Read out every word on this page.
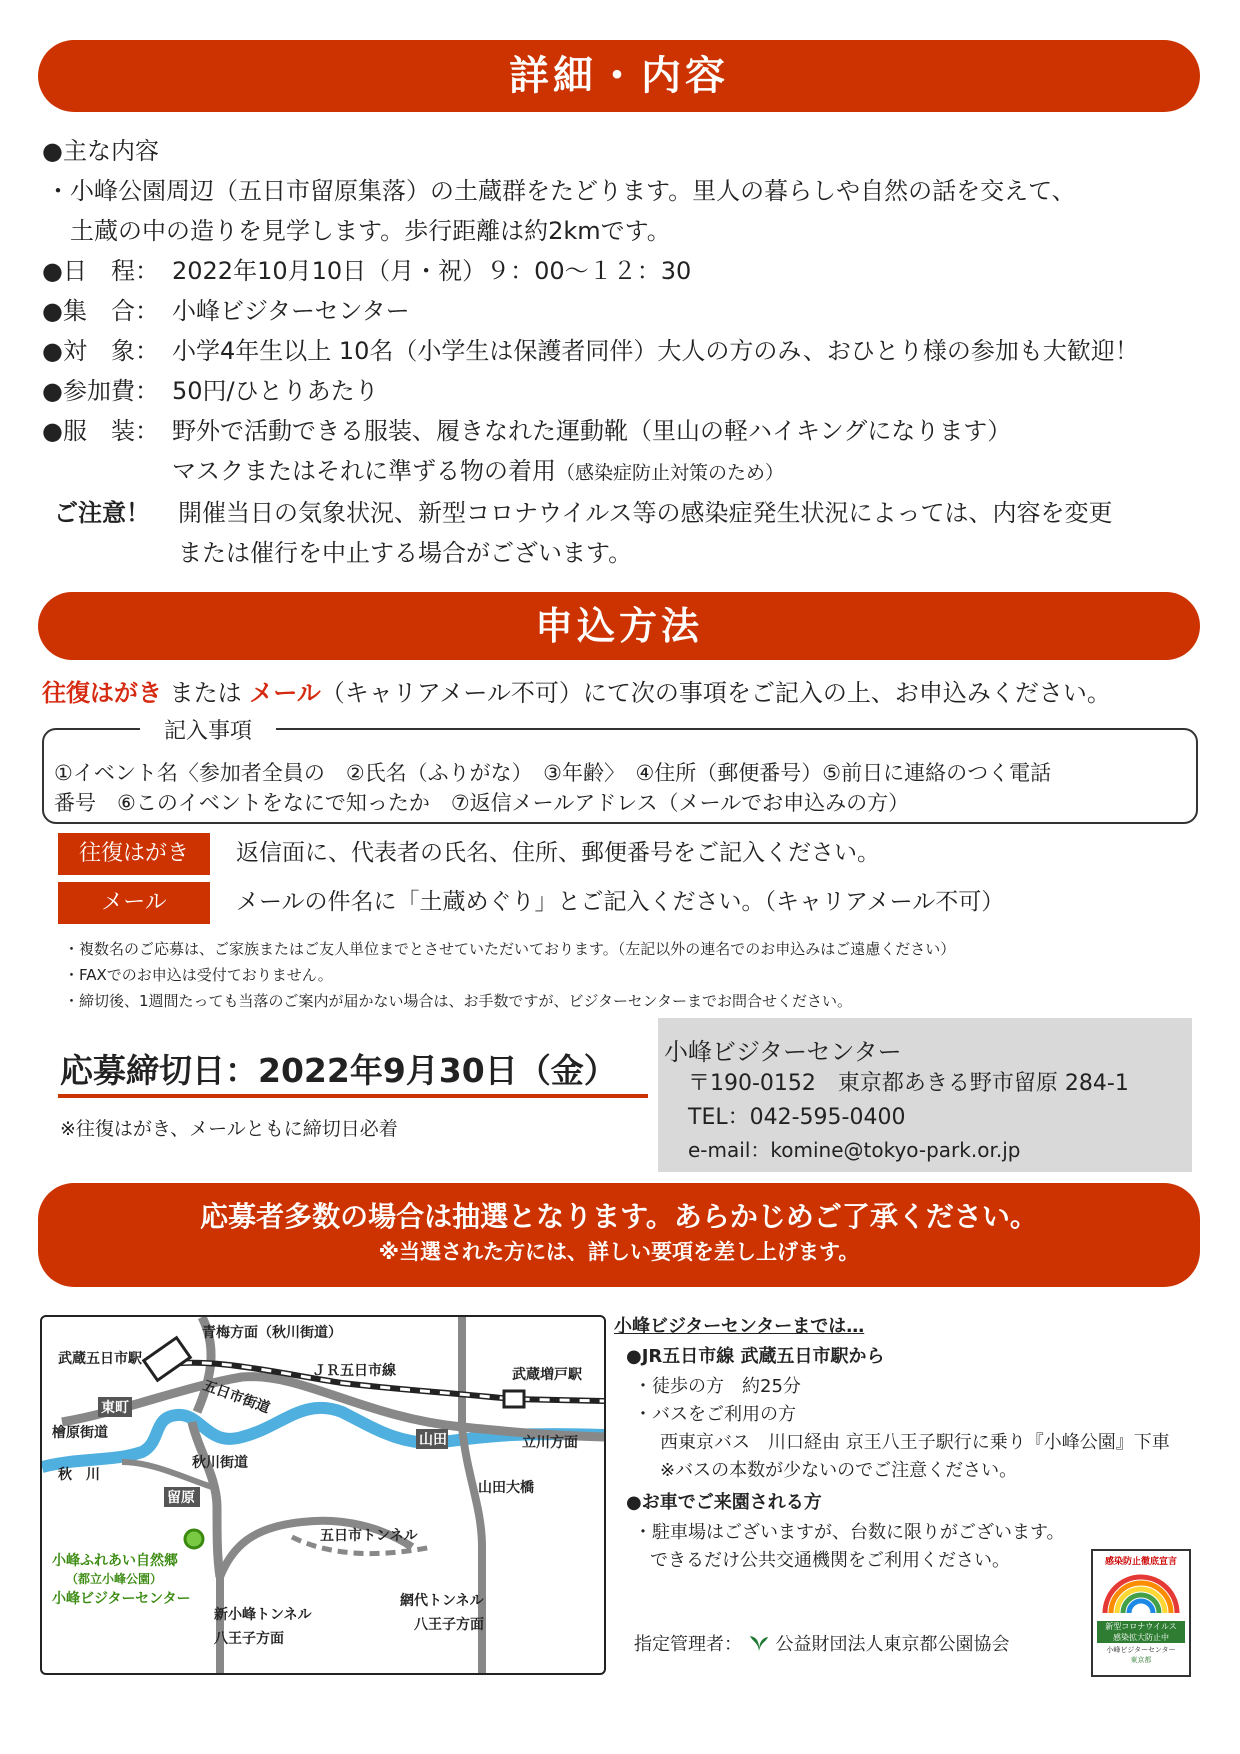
詳細・内容
●主な内容
・小峰公園周辺（五日市留原集落）の土蔵群をたどります。里人の暮らしや自然の話を交えて、
土蔵の中の造りを見学します。歩行距離は約2kmです。
●日　程： 2022年10月10日（月・祝）９：00～１２：30
●集　合： 小峰ビジターセンター
●対　象： 小学4年生以上 10名（小学生は保護者同伴）大人の方のみ、おひとり様の参加も大歓迎！
●参加費： 50円/ひとりあたり
●服　装： 野外で活動できる服装、履きなれた運動靴（里山の軽ハイキングになります）
マスクまたはそれに準ずる物の着用（感染症防止対策のため）
ご注意！ 開催当日の気象状況、新型コロナウイルス等の感染症発生状況によっては、内容を変更
または催行を中止する場合がございます。
申込方法
往復はがき または メール（キャリアメール不可）にて次の事項をご記入の上、お申込みください。
記入事項
①イベント名〈参加者全員の　②氏名（ふりがな）　③年齢〉　④住所（郵便番号）⑤前日に連絡のつく電話
番号　⑥このイベントをなにで知ったか　⑦返信メールアドレス（メールでお申込みの方）
往復はがき	返信面に、代表者の氏名、住所、郵便番号をご記入ください。
メール	メールの件名に「土蔵めぐり」とご記入ください。（キャリアメール不可）
・複数名のご応募は、ご家族またはご友人単位までとさせていただいております。（左記以外の連名でのお申込みはご遠慮ください）
・FAXでのお申込は受付ておりません。
・締切後、1週間たっても当落のご案内が届かない場合は、お手数ですが、ビジターセンターまでお問合せください。
応募締切日：2022年9月30日（金）
※往復はがき、メールともに締切日必着
小峰ビジターセンター
〒190-0152　東京都あきる野市留原 284-1
TEL：042-595-0400
e-mail：komine@tokyo-park.or.jp
応募者多数の場合は抽選となります。あらかじめご了承ください。
※当選された方には、詳しい要項を差し上げます。
青梅方面（秋川街道）
武蔵五日市駅
ＪＲ五日市線	武蔵増戸駅
東町
檜原街道
五日市街道
山田	立川方面
秋　川
秋川街道
留原
山田大橋
五日市トンネル
小峰ふれあい自然郷
（都立小峰公園）
小峰ビジターセンター	網代トンネル
八王子方面
新小峰トンネル
八王子方面
小峰ビジターセンターまでは…
●JR五日市線 武蔵五日市駅から
・徒歩の方　約25分
・バスをご利用の方
西東京バス　川口経由 京王八王子駅行に乗り『小峰公園』下車
※バスの本数が少ないのでご注意ください。
●お車でご来園される方
・駐車場はございますが、台数に限りがございます。
できるだけ公共交通機関をご利用ください。
指定管理者： 公益財団法人東京都公園協会
感染防止徹底宣言
新型コロナウイルス
感染拡大防止中
小峰ビジターセンター
東京都
